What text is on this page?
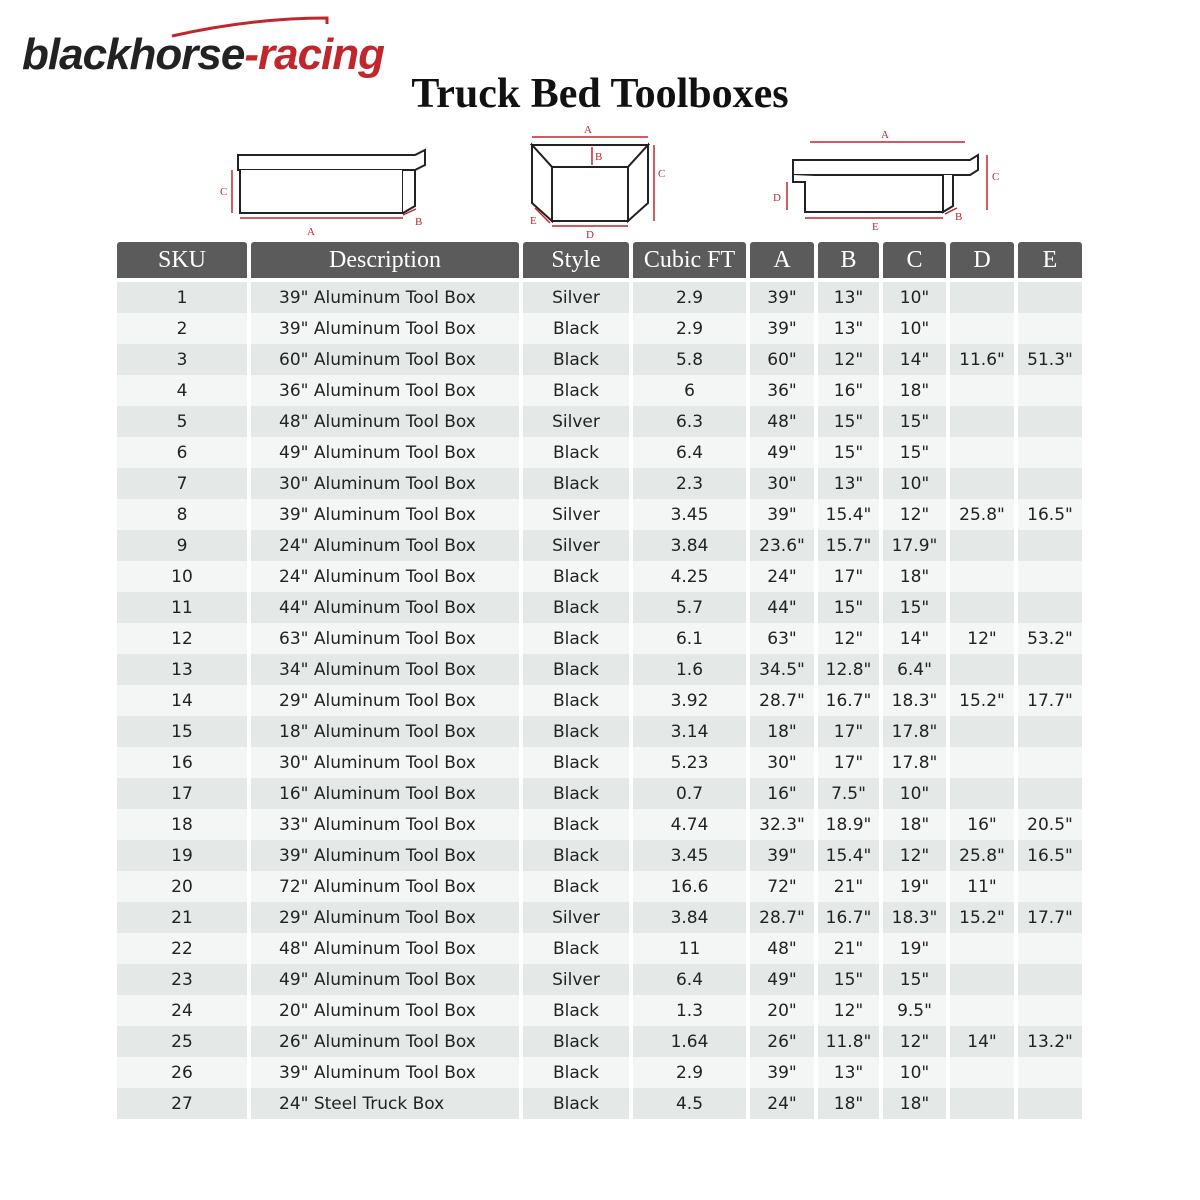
blackhorse-racing
Truck Bed Toolboxes
A
B
C
A
B
C
D
E
A
B
C
D
E
SKU	Description	Style	Cubic FT	A	B	C	D	E

1	39" Aluminum Tool Box	Silver	2.9	39"	13"	10"		
2	39" Aluminum Tool Box	Black	2.9	39"	13"	10"		
3	60" Aluminum Tool Box	Black	5.8	60"	12"	14"	11.6"	51.3"
4	36" Aluminum Tool Box	Black	6	36"	16"	18"		
5	48" Aluminum Tool Box	Silver	6.3	48"	15"	15"		
6	49" Aluminum Tool Box	Black	6.4	49"	15"	15"		
7	30" Aluminum Tool Box	Black	2.3	30"	13"	10"		
8	39" Aluminum Tool Box	Silver	3.45	39"	15.4"	12"	25.8"	16.5"
9	24" Aluminum Tool Box	Silver	3.84	23.6"	15.7"	17.9"		
10	24" Aluminum Tool Box	Black	4.25	24"	17"	18"		
11	44" Aluminum Tool Box	Black	5.7	44"	15"	15"		
12	63" Aluminum Tool Box	Black	6.1	63"	12"	14"	12"	53.2"
13	34" Aluminum Tool Box	Black	1.6	34.5"	12.8"	6.4"		
14	29" Aluminum Tool Box	Black	3.92	28.7"	16.7"	18.3"	15.2"	17.7"
15	18" Aluminum Tool Box	Black	3.14	18"	17"	17.8"		
16	30" Aluminum Tool Box	Black	5.23	30"	17"	17.8"		
17	16" Aluminum Tool Box	Black	0.7	16"	7.5"	10"		
18	33" Aluminum Tool Box	Black	4.74	32.3"	18.9"	18"	16"	20.5"
19	39" Aluminum Tool Box	Black	3.45	39"	15.4"	12"	25.8"	16.5"
20	72" Aluminum Tool Box	Black	16.6	72"	21"	19"	11"	
21	29" Aluminum Tool Box	Silver	3.84	28.7"	16.7"	18.3"	15.2"	17.7"
22	48" Aluminum Tool Box	Black	11	48"	21"	19"		
23	49" Aluminum Tool Box	Silver	6.4	49"	15"	15"		
24	20" Aluminum Tool Box	Black	1.3	20"	12"	9.5"		
25	26" Aluminum Tool Box	Black	1.64	26"	11.8"	12"	14"	13.2"
26	39" Aluminum Tool Box	Black	2.9	39"	13"	10"		
27	24" Steel Truck Box	Black	4.5	24"	18"	18"		
